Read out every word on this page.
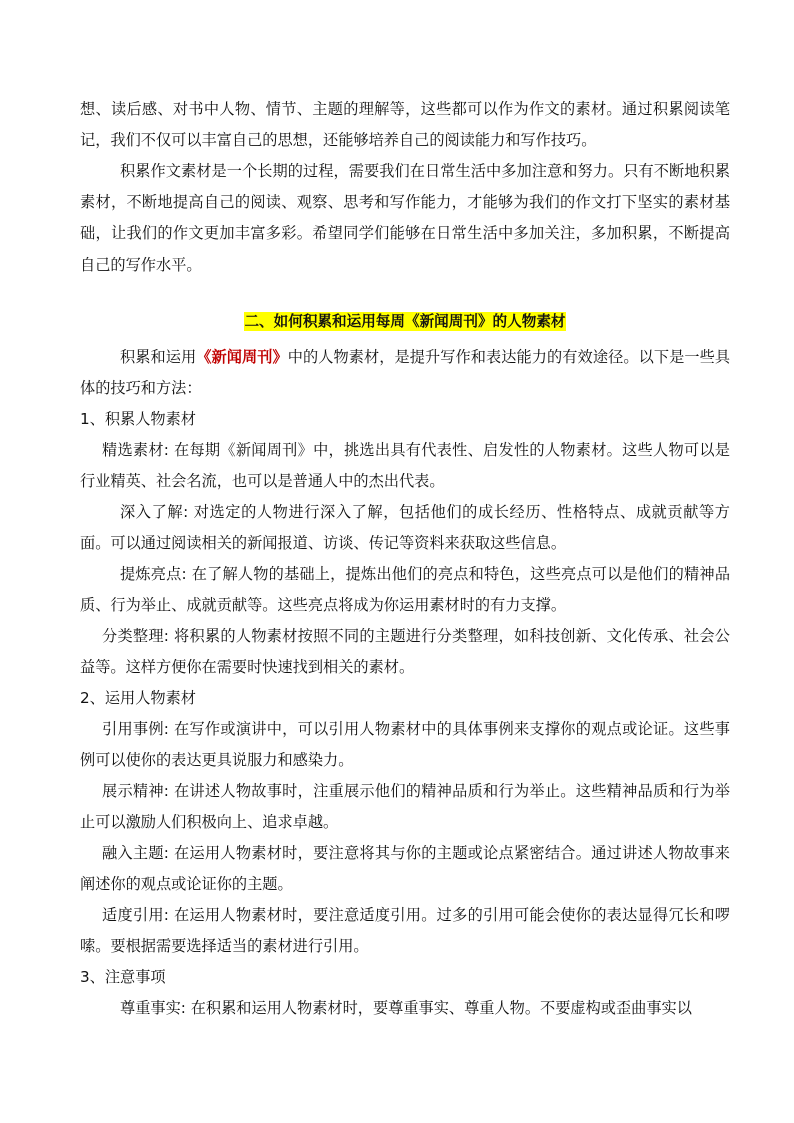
想、读后感、对书中人物、情节、主题的理解等，这些都可以作为作文的素材。通过积累阅读笔记，我们不仅可以丰富自己的思想，还能够培养自己的阅读能力和写作技巧。

积累作文素材是一个长期的过程，需要我们在日常生活中多加注意和努力。只有不断地积累素材，不断地提高自己的阅读、观察、思考和写作能力，才能够为我们的作文打下坚实的素材基础，让我们的作文更加丰富多彩。希望同学们能够在日常生活中多加关注，多加积累，不断提高自己的写作水平。

二、如何积累和运用每周《新闻周刊》的人物素材

积累和运用《新闻周刊》中的人物素材，是提升写作和表达能力的有效途径。以下是一些具体的技巧和方法：

1、积累人物素材

精选素材: 在每期《新闻周刊》中，挑选出具有代表性、启发性的人物素材。这些人物可以是行业精英、社会名流，也可以是普通人中的杰出代表。

深入了解: 对选定的人物进行深入了解，包括他们的成长经历、性格特点、成就贡献等方面。可以通过阅读相关的新闻报道、访谈、传记等资料来获取这些信息。

提炼亮点: 在了解人物的基础上，提炼出他们的亮点和特色，这些亮点可以是他们的精神品质、行为举止、成就贡献等。这些亮点将成为你运用素材时的有力支撑。

分类整理: 将积累的人物素材按照不同的主题进行分类整理，如科技创新、文化传承、社会公益等。这样方便你在需要时快速找到相关的素材。

2、运用人物素材

引用事例: 在写作或演讲中，可以引用人物素材中的具体事例来支撑你的观点或论证。这些事例可以使你的表达更具说服力和感染力。

展示精神: 在讲述人物故事时，注重展示他们的精神品质和行为举止。这些精神品质和行为举止可以激励人们积极向上、追求卓越。

融入主题: 在运用人物素材时，要注意将其与你的主题或论点紧密结合。通过讲述人物故事来阐述你的观点或论证你的主题。

适度引用: 在运用人物素材时，要注意适度引用。过多的引用可能会使你的表达显得冗长和啰嗦。要根据需要选择适当的素材进行引用。

3、注意事项

尊重事实: 在积累和运用人物素材时，要尊重事实、尊重人物。不要虚构或歪曲事实以
